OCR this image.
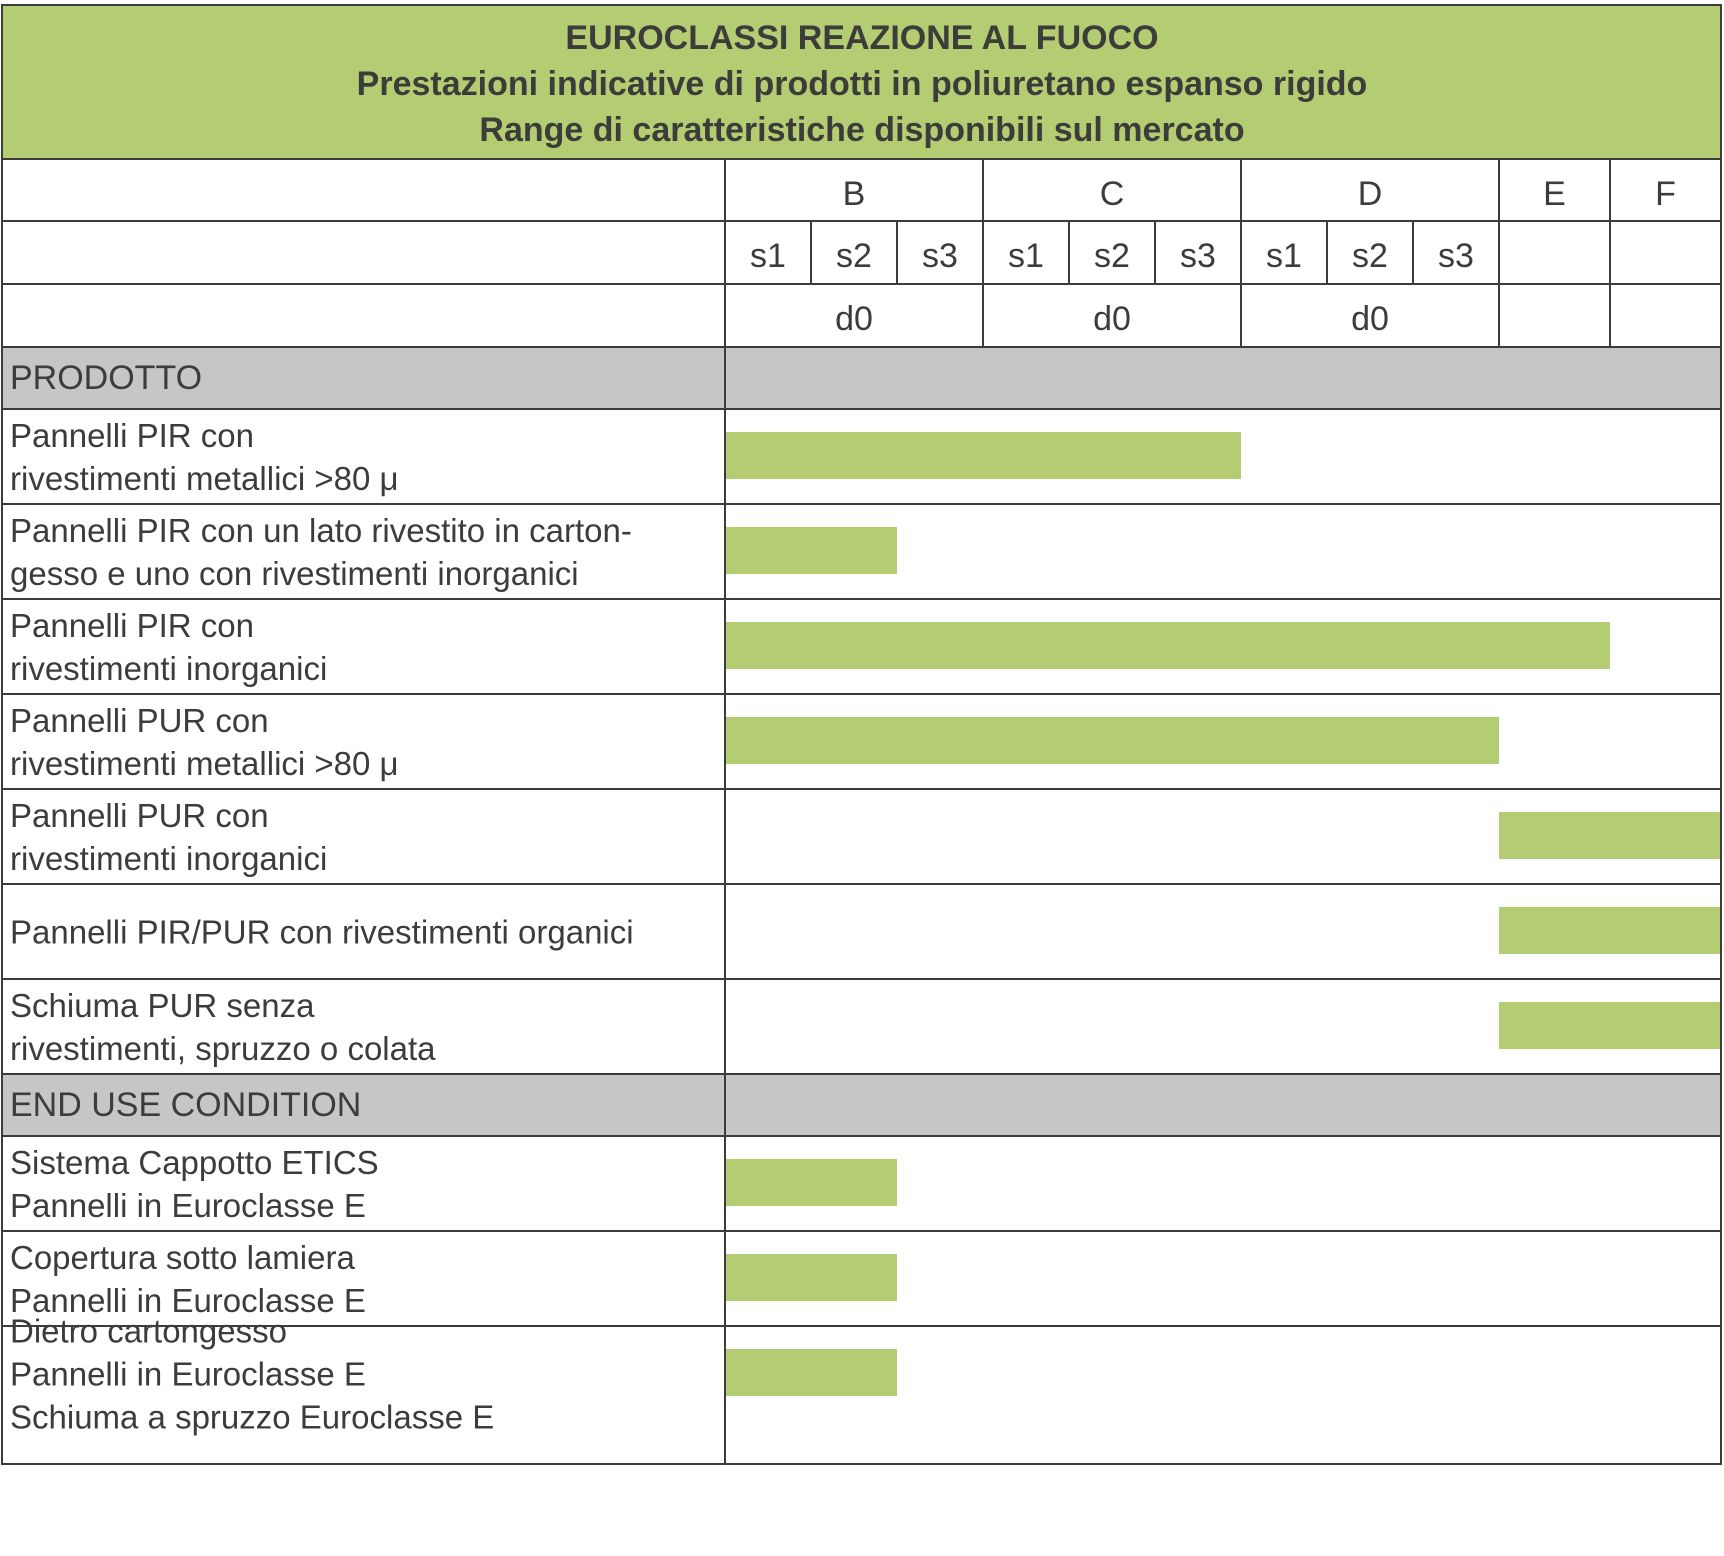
EUROCLASSI REAZIONE AL FUOCO
Prestazioni indicative di prodotti in poliuretano espanso rigido
Range di caratteristiche disponibili sul mercato
B
s1 s2 s3
d0
C
s1 s2 s3
d0
D
s1 s2 s3
d0
E	F
PRODOTTO
Pannelli PIR con
rivestimenti metallici >80 μ
Pannelli PIR con un lato rivestito in carton-
gesso e uno con rivestimenti inorganici
Pannelli PIR con
rivestimenti inorganici
Pannelli PUR con
rivestimenti metallici >80 μ
Pannelli PUR con
rivestimenti inorganici
Pannelli PIR/PUR con rivestimenti organici
Schiuma PUR senza
rivestimenti, spruzzo o colata
END USE CONDITION
Sistema Cappotto ETICS
Pannelli in Euroclasse E
Copertura sotto lamiera
Pannelli in Euroclasse E
Dietro cartongesso
Pannelli in Euroclasse E
Schiuma a spruzzo Euroclasse E
